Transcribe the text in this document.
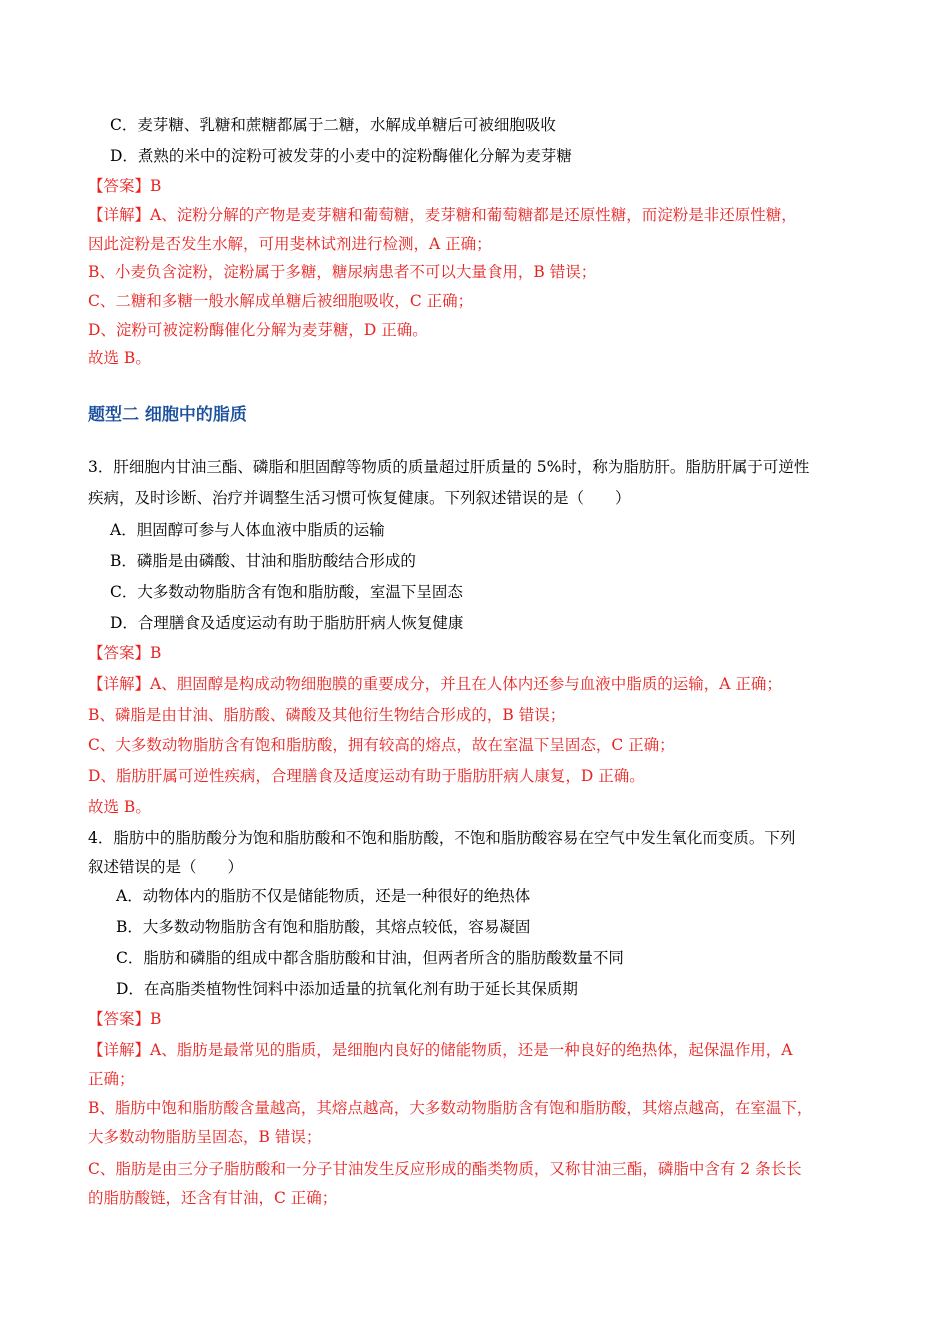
C．麦芽糖、乳糖和蔗糖都属于二糖，水解成单糖后可被细胞吸收
D．煮熟的米中的淀粉可被发芽的小麦中的淀粉酶催化分解为麦芽糖
【答案】B
【详解】A、淀粉分解的产物是麦芽糖和葡萄糖，麦芽糖和葡萄糖都是还原性糖，而淀粉是非还原性糖，
因此淀粉是否发生水解，可用斐林试剂进行检测，A 正确；
B、小麦负含淀粉，淀粉属于多糖，糖尿病患者不可以大量食用，B 错误；
C、二糖和多糖一般水解成单糖后被细胞吸收，C 正确；
D、淀粉可被淀粉酶催化分解为麦芽糖，D 正确。
故选 B。
题型二 细胞中的脂质
3．肝细胞内甘油三酯、磷脂和胆固醇等物质的质量超过肝质量的 5%时，称为脂肪肝。脂肪肝属于可逆性
疾病，及时诊断、治疗并调整生活习惯可恢复健康。下列叙述错误的是（　　）
A．胆固醇可参与人体血液中脂质的运输
B．磷脂是由磷酸、甘油和脂肪酸结合形成的
C．大多数动物脂肪含有饱和脂肪酸，室温下呈固态
D．合理膳食及适度运动有助于脂肪肝病人恢复健康
【答案】B
【详解】A、胆固醇是构成动物细胞膜的重要成分，并且在人体内还参与血液中脂质的运输，A 正确；
B、磷脂是由甘油、脂肪酸、磷酸及其他衍生物结合形成的，B 错误；
C、大多数动物脂肪含有饱和脂肪酸，拥有较高的熔点，故在室温下呈固态，C 正确；
D、脂肪肝属可逆性疾病，合理膳食及适度运动有助于脂肪肝病人康复，D 正确。
故选 B。
4．脂肪中的脂肪酸分为饱和脂肪酸和不饱和脂肪酸，不饱和脂肪酸容易在空气中发生氧化而变质。下列
叙述错误的是（　　）
A．动物体内的脂肪不仅是储能物质，还是一种很好的绝热体
B．大多数动物脂肪含有饱和脂肪酸，其熔点较低，容易凝固
C．脂肪和磷脂的组成中都含脂肪酸和甘油，但两者所含的脂肪酸数量不同
D．在高脂类植物性饲料中添加适量的抗氧化剂有助于延长其保质期
【答案】B
【详解】A、脂肪是最常见的脂质，是细胞内良好的储能物质，还是一种良好的绝热体，起保温作用，A
正确；
B、脂肪中饱和脂肪酸含量越高，其熔点越高，大多数动物脂肪含有饱和脂肪酸，其熔点越高，在室温下，
大多数动物脂肪呈固态，B 错误；
C、脂肪是由三分子脂肪酸和一分子甘油发生反应形成的酯类物质，又称甘油三酯，磷脂中含有 2 条长长
的脂肪酸链，还含有甘油，C 正确；
